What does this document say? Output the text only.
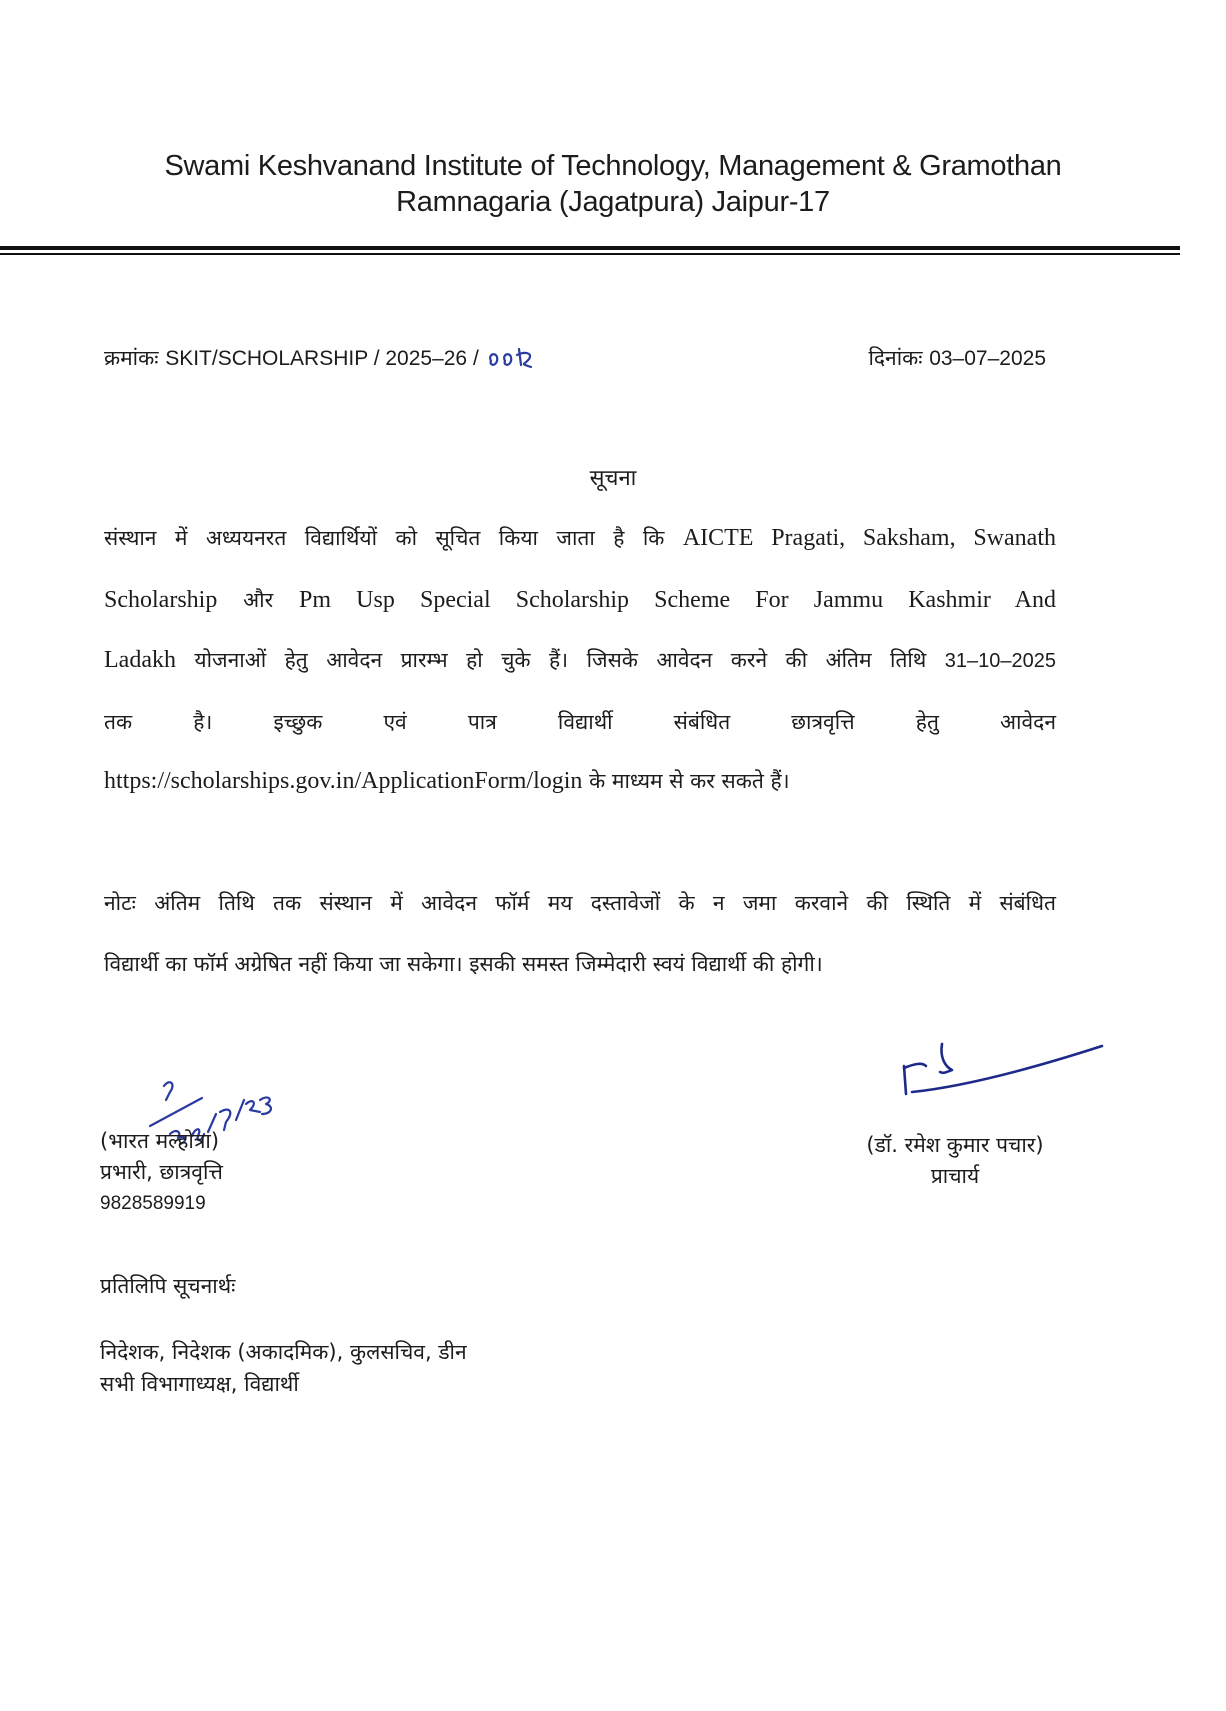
Swami Keshvanand Institute of Technology, Management & Gramothan
Ramnagaria (Jagatpura) Jaipur-17
क्रमांकः SKIT/SCHOLARSHIP / 2025–26 /	दिनांकः 03–07–2025
सूचना
संस्थान में अध्ययनरत विद्यार्थियों को सूचित किया जाता है कि AICTE Pragati, Saksham, Swanath
Scholarship और Pm Usp Special Scholarship Scheme For Jammu Kashmir And
Ladakh योजनाओं हेतु आवेदन प्रारम्भ हो चुके हैं। जिसके आवेदन करने की अंतिम तिथि 31–10–2025
तक है। इच्छुक एवं पात्र विद्यार्थी संबंधित छात्रवृत्ति हेतु आवेदन
https://scholarships.gov.in/ApplicationForm/login के माध्यम से कर सकते हैं।
नोटः अंतिम तिथि तक संस्थान में आवेदन फॉर्म मय दस्तावेजों के न जमा करवाने की स्थिति में संबंधित
विद्यार्थी का फॉर्म अग्रेषित नहीं किया जा सकेगा। इसकी समस्त जिम्मेदारी स्वयं विद्यार्थी की होगी।
(भारत मल्होत्रा)
प्रभारी, छात्रवृत्ति
9828589919
(डॉ. रमेश कुमार पचार)
प्राचार्य
प्रतिलिपि सूचनार्थः
निदेशक, निदेशक (अकादमिक), कुलसचिव, डीन
सभी विभागाध्यक्ष, विद्यार्थी
